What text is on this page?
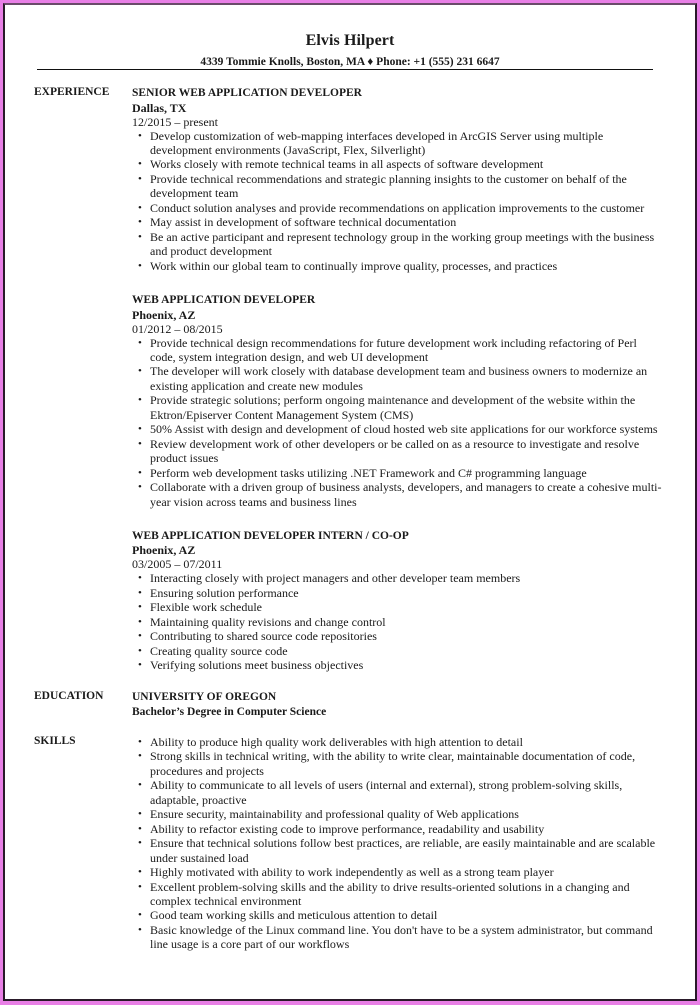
Elvis Hilpert
4339 Tommie Knolls, Boston, MA ♦ Phone: +1 (555) 231 6647
EXPERIENCE SENIOR WEB APPLICATION DEVELOPER
Dallas, TX
12/2015 – present
• Develop customization of web-mapping interfaces developed in ArcGIS Server using multiple development environments (JavaScript, Flex, Silverlight)
• Works closely with remote technical teams in all aspects of software development
• Provide technical recommendations and strategic planning insights to the customer on behalf of the development team
• Conduct solution analyses and provide recommendations on application improvements to the customer
• May assist in development of software technical documentation
• Be an active participant and represent technology group in the working group meetings with the business and product development
• Work within our global team to continually improve quality, processes, and practices
WEB APPLICATION DEVELOPER
Phoenix, AZ
01/2012 – 08/2015
• Provide technical design recommendations for future development work including refactoring of Perl code, system integration design, and web UI development
• The developer will work closely with database development team and business owners to modernize an existing application and create new modules
• Provide strategic solutions; perform ongoing maintenance and development of the website within the Ektron/Episerver Content Management System (CMS)
• 50% Assist with design and development of cloud hosted web site applications for our workforce systems
• Review development work of other developers or be called on as a resource to investigate and resolve product issues
• Perform web development tasks utilizing .NET Framework and C# programming language
• Collaborate with a driven group of business analysts, developers, and managers to create a cohesive multi-year vision across teams and business lines
WEB APPLICATION DEVELOPER INTERN / CO-OP
Phoenix, AZ
03/2005 – 07/2011
• Interacting closely with project managers and other developer team members
• Ensuring solution performance
• Flexible work schedule
• Maintaining quality revisions and change control
• Contributing to shared source code repositories
• Creating quality source code
• Verifying solutions meet business objectives
EDUCATION UNIVERSITY OF OREGON
Bachelor’s Degree in Computer Science
SKILLS	• Ability to produce high quality work deliverables with high attention to detail
• Strong skills in technical writing, with the ability to write clear, maintainable documentation of code, procedures and projects
• Ability to communicate to all levels of users (internal and external), strong problem-solving skills, adaptable, proactive
• Ensure security, maintainability and professional quality of Web applications
• Ability to refactor existing code to improve performance, readability and usability
• Ensure that technical solutions follow best practices, are reliable, are easily maintainable and are scalable under sustained load
• Highly motivated with ability to work independently as well as a strong team player
• Excellent problem-solving skills and the ability to drive results-oriented solutions in a changing and complex technical environment
• Good team working skills and meticulous attention to detail
• Basic knowledge of the Linux command line. You don't have to be a system administrator, but command line usage is a core part of our workflows
